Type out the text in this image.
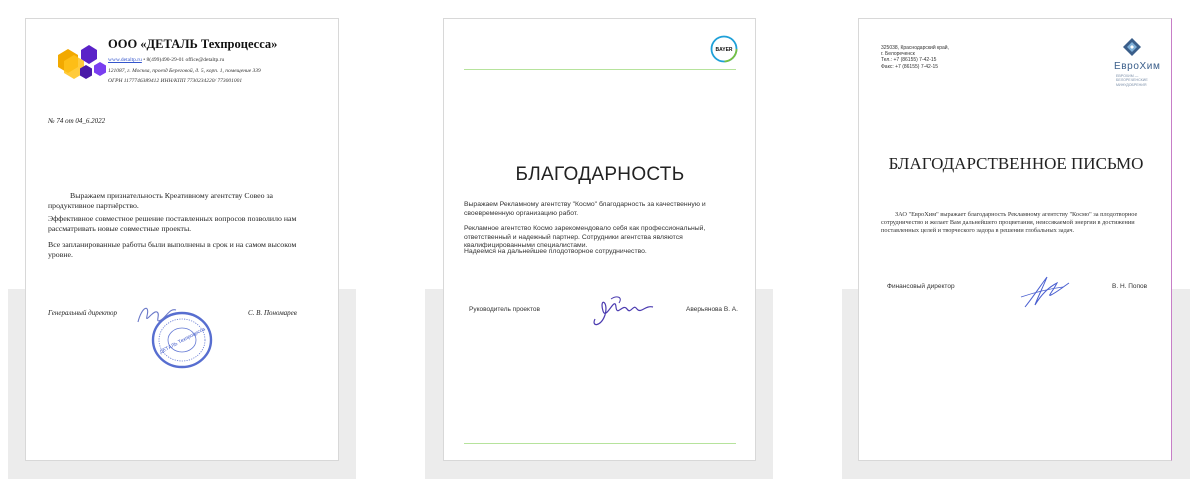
ООО «ДЕТАЛЬ Техпроцесса»
www.detaltp.ru • 8(499)490-29-01 office@detaltp.ru
121087, г. Москва, проезд Береговой, д. 5, корп. 1, помещение 339
ОГРН 1177746389412 ИНН/КПП 7730234220/ 773001001
№ 74 от 04_6.2022
Выражаем признательность Креативному агентству Совео за продуктивное партнёрство.
Эффективное совместное решение поставленных вопросов позволило нам рассматривать новые совместные проекты.
Все запланированные работы были выполнены в срок и на самом высоком уровне.
Генеральный директор	С. В. Пономарев
ДЕТАЛЬ Техпроцесса
BAYER
БЛАГОДАРНОСТЬ
Выражаем Рекламному агентству "Космо" благодарность за качественную и своевременную организацию работ.
Рекламное агентство Космо зарекомендовало себя как профессиональный, ответственный и надежный партнер. Сотрудники агентства являются квалифицированными специалистами.
Надеемся на дальнейшее плодотворное сотрудничество.
Руководитель проектов	Аверьянова В. А.
325038, Краснодарский край,
г. Белореченск
Тел.: +7 (86155) 7-42-15
Факс: +7 (86155) 7-42-15	ЕвроХим
ЕВРОХИМ — БЕЛОРЕЧЕНСКИЕ МИНУДОБРЕНИЯ
БЛАГОДАРСТВЕННОЕ ПИСЬМО
ЗАО "ЕвроХим" выражает благодарность Рекламному агентству "Космо" за плодотворное сотрудничество и желает Вам дальнейшего процветания, неиссякаемой энергии в достижении поставленных целей и творческого задора в решении глобальных задач.
Финансовый директор	В. Н. Попов
